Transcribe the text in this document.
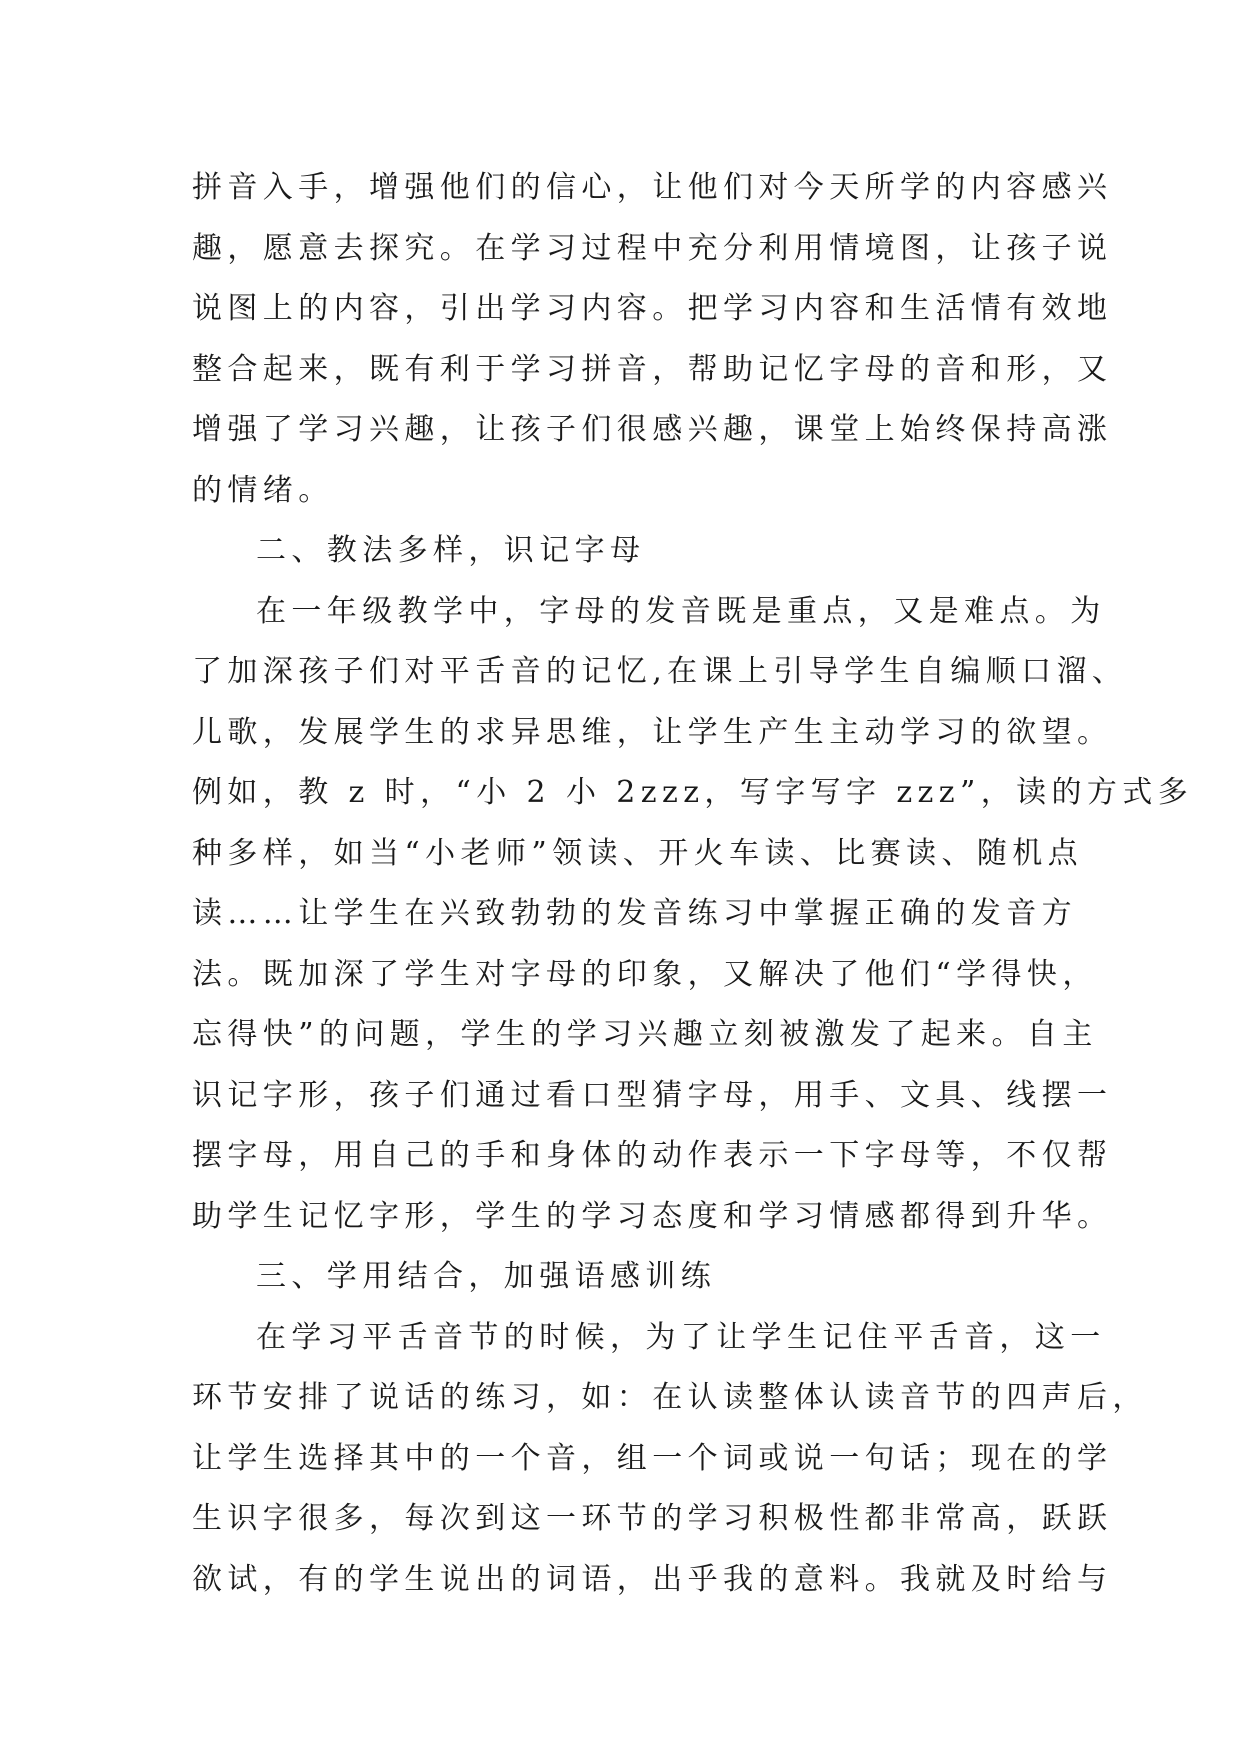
拼音入手，增强他们的信心，让他们对今天所学的内容感兴
趣，愿意去探究。在学习过程中充分利用情境图，让孩子说
说图上的内容，引出学习内容。把学习内容和生活情有效地
整合起来，既有利于学习拼音，帮助记忆字母的音和形，又
增强了学习兴趣，让孩子们很感兴趣，课堂上始终保持高涨
的情绪。
二、教法多样，识记字母
在一年级教学中，字母的发音既是重点，又是难点。为
了加深孩子们对平舌音的记忆,在课上引导学生自编顺口溜、
儿歌，发展学生的求异思维，让学生产生主动学习的欲望。
例如，教 z 时，“小 2 小 2zzz，写字写字 zzz”，读的方式多
种多样，如当“小老师”领读、开火车读、比赛读、随机点
读……让学生在兴致勃勃的发音练习中掌握正确的发音方
法。既加深了学生对字母的印象，又解决了他们“学得快，
忘得快”的问题，学生的学习兴趣立刻被激发了起来。自主
识记字形，孩子们通过看口型猜字母，用手、文具、线摆一
摆字母，用自己的手和身体的动作表示一下字母等，不仅帮
助学生记忆字形，学生的学习态度和学习情感都得到升华。
三、学用结合，加强语感训练
在学习平舌音节的时候，为了让学生记住平舌音，这一
环节安排了说话的练习，如：在认读整体认读音节的四声后，
让学生选择其中的一个音，组一个词或说一句话；现在的学
生识字很多，每次到这一环节的学习积极性都非常高，跃跃
欲试，有的学生说出的词语，出乎我的意料。我就及时给与
